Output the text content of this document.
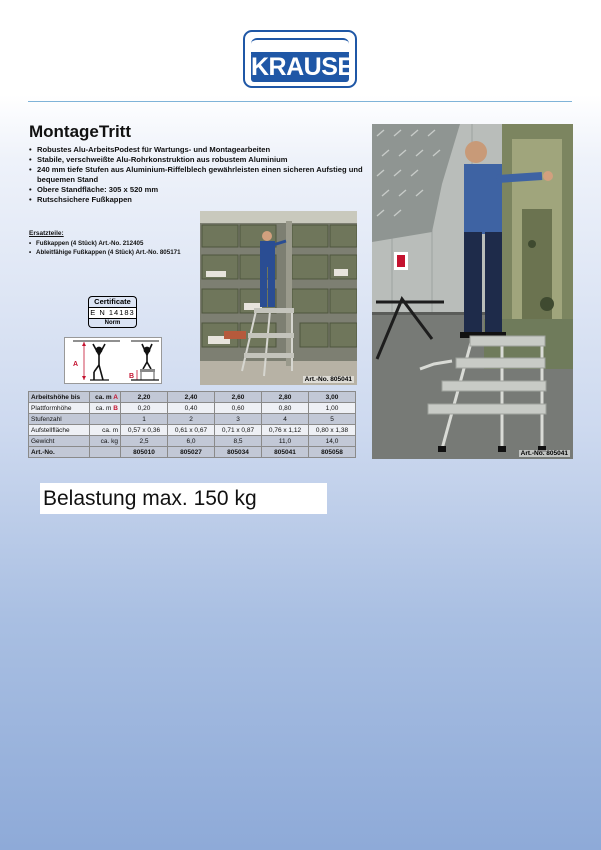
KRAUSE
MontageTritt
• Robustes Alu-ArbeitsPodest für Wartungs- und Montagearbeiten
• Stabile, verschweißte Alu-Rohrkonstruktion aus robustem Aluminium
• 240 mm tiefe Stufen aus Aluminium-Riffelblech gewährleisten einen sicheren Aufstieg und bequemen Stand
• Obere Standfläche: 305 x 520 mm
• Rutschsichere Fußkappen
Ersatzteile:
• Fußkappen (4 Stück) Art.-No. 212405
• Ableitfähige Fußkappen (4 Stück) Art.-No. 805171
Certificate
E N 14183
Norm
A
B	Art.-No. 805041
Art.-No. 805041
Arbeitshöhe bis	ca. m A	2,20	2,40	2,60	2,80	3,00
Plattformhöhe	ca. m B	0,20	0,40	0,60	0,80	1,00
Stufenzahl		1	2	3	4	5
Aufstellfläche	ca. m	0,57 x 0,36	0,61 x 0,67	0,71 x 0,87	0,76 x 1,12	0,80 x 1,38
Gewicht	ca. kg	2,5	6,0	8,5	11,0	14,0
Art.-No.		805010	805027	805034	805041	805058
Belastung max. 150 kg
